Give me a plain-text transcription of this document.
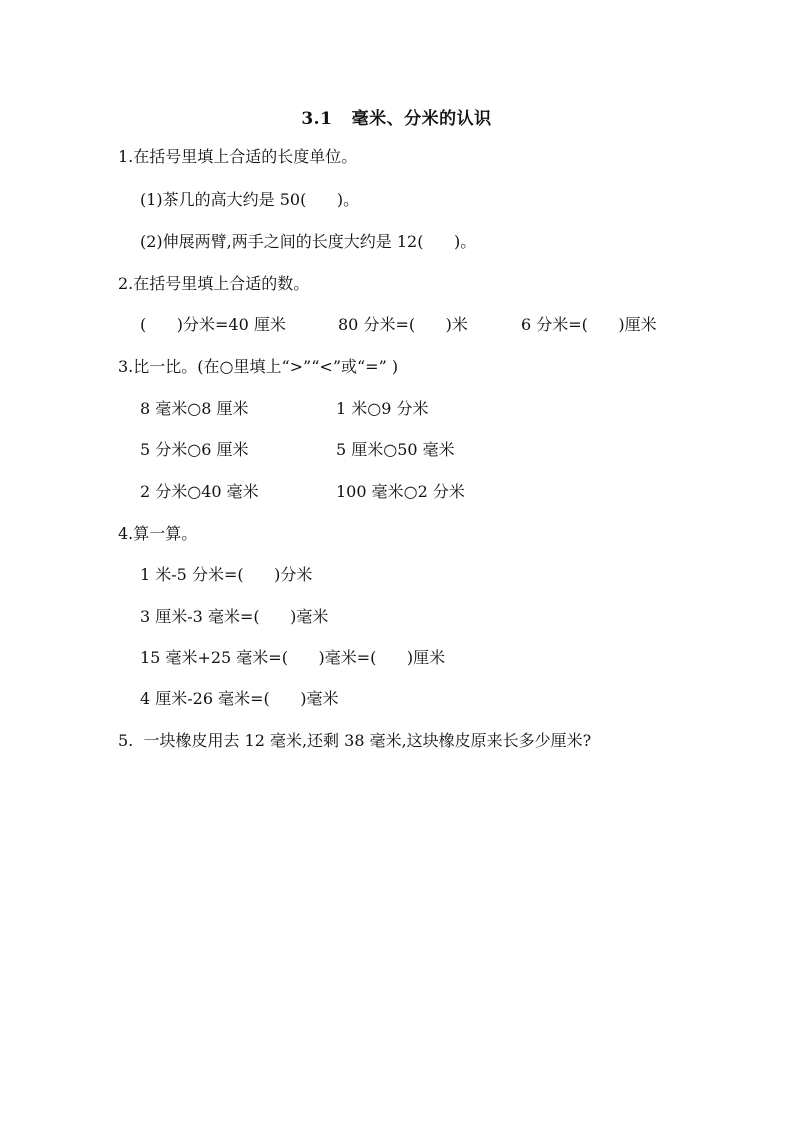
3.1   毫米、分米的认识
1.在括号里填上合适的长度单位。
(1)茶几的高大约是 50(      )。
(2)伸展两臂,两手之间的长度大约是 12(      )。
2.在括号里填上合适的数。
(      )分米=40 厘米	80 分米=(      )米	6 分米=(      )厘米
3.比一比。(在○里填上“>”“<”或“=” )
8 毫米○8 厘米	1 米○9 分米
5 分米○6 厘米	5 厘米○50 毫米
2 分米○40 毫米	100 毫米○2 分米
4.算一算。
1 米-5 分米=(      )分米
3 厘米-3 毫米=(      )毫米
15 毫米+25 毫米=(      )毫米=(      )厘米
4 厘米-26 毫米=(      )毫米
5.  一块橡皮用去 12 毫米,还剩 38 毫米,这块橡皮原来长多少厘米?
